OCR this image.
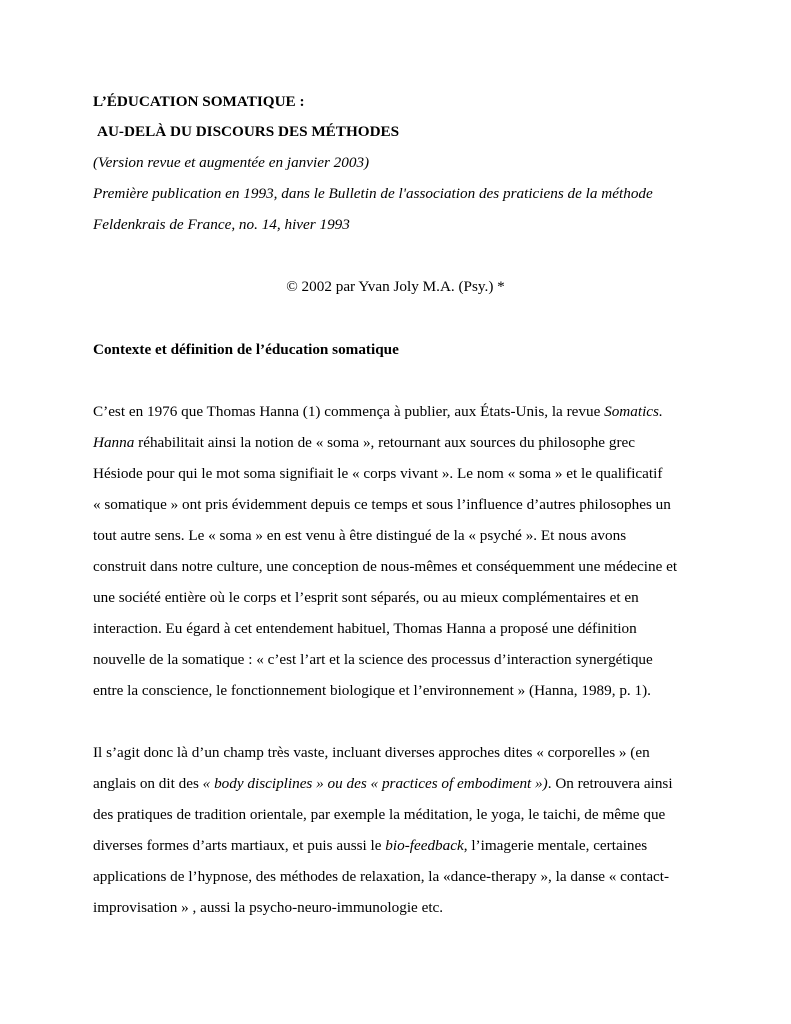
L’ÉDUCATION SOMATIQUE :
AU-DELÀ DU DISCOURS DES MÉTHODES
(Version revue et augmentée en janvier 2003)
Première publication en 1993, dans le Bulletin de l'association des praticiens de la méthode
Feldenkrais de France, no. 14, hiver 1993
© 2002 par Yvan Joly M.A. (Psy.) *
Contexte et définition de l’éducation somatique
C’est en 1976 que Thomas Hanna (1) commença à publier, aux États-Unis, la revue Somatics.
Hanna réhabilitait ainsi la notion de « soma », retournant aux sources du philosophe grec
Hésiode pour qui le mot soma signifiait le « corps vivant ». Le nom « soma » et le qualificatif
« somatique » ont pris évidemment depuis ce temps et sous l’influence d’autres philosophes un
tout autre sens. Le « soma » en est venu à être distingué de la « psyché ». Et nous avons
construit dans notre culture, une conception de nous-mêmes et conséquemment une médecine et
une société entière où le corps et l’esprit sont séparés, ou au mieux complémentaires et en
interaction. Eu égard à cet entendement habituel, Thomas Hanna a proposé une définition
nouvelle de la somatique : « c’est l’art et la science des processus d’interaction synergétique
entre la conscience, le fonctionnement biologique et l’environnement » (Hanna, 1989, p. 1).
Il s’agit donc là d’un champ très vaste, incluant diverses approches dites « corporelles » (en
anglais on dit des « body disciplines » ou des « practices of embodiment »). On retrouvera ainsi
des pratiques de tradition orientale, par exemple la méditation, le yoga, le taichi, de même que
diverses formes d’arts martiaux, et puis aussi le bio-feedback, l’imagerie mentale, certaines
applications de l’hypnose, des méthodes de relaxation, la «dance-therapy », la danse « contact-
improvisation » , aussi la psycho-neuro-immunologie etc.
